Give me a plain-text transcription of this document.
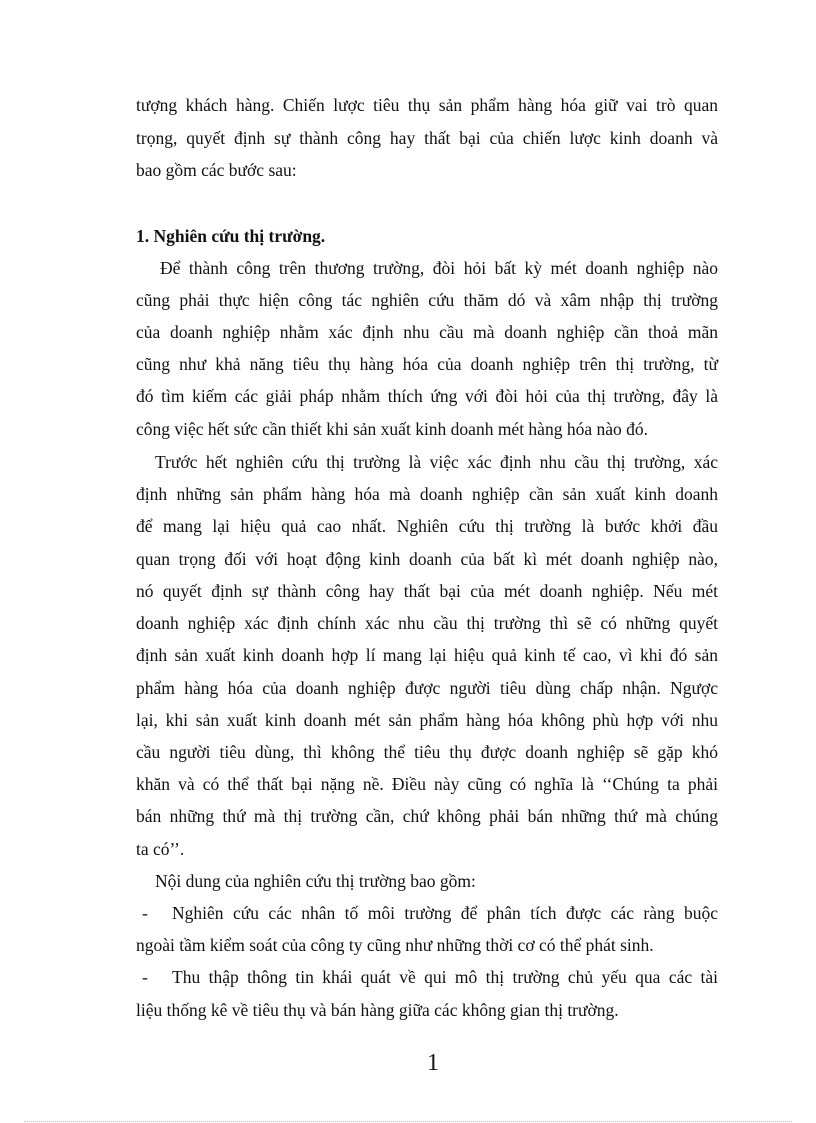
tượng khách hàng. Chiến lược tiêu thụ sản phẩm hàng hóa giữ vai trò quan
trọng, quyết định sự thành công hay thất bại của chiến lược kinh doanh và
bao gồm các bước sau:
1. Nghiên cứu thị trường.
Để thành công trên thương trường, đòi hỏi bất kỳ mét doanh nghiệp nào
cũng phải thực hiện công tác nghiên cứu thăm dó và xâm nhập thị trường
của doanh nghiệp nhằm xác định nhu cầu mà doanh nghiệp cần thoả mãn
cũng như khả năng tiêu thụ hàng hóa của doanh nghiệp trên thị trường, từ
đó tìm kiếm các giải pháp nhằm thích ứng với đòi hỏi của thị trường, đây là
công việc hết sức cần thiết khi sản xuất kinh doanh mét hàng hóa nào đó.
Trước hết nghiên cứu thị trường là việc xác định nhu cầu thị trường, xác
định những sản phẩm hàng hóa mà doanh nghiệp cần sản xuất kinh doanh
để mang lại hiệu quả cao nhất. Nghiên cứu thị trường là bước khởi đầu
quan trọng đối với hoạt động kinh doanh của bất kì mét doanh nghiệp nào,
nó quyết định sự thành công hay thất bại của mét doanh nghiệp. Nếu mét
doanh nghiệp xác định chính xác nhu cầu thị trường thì sẽ có những quyết
định sản xuất kinh doanh hợp lí mang lại hiệu quả kinh tế cao, vì khi đó sản
phẩm hàng hóa của doanh nghiệp được người tiêu dùng chấp nhận. Ngược
lại, khi sản xuất kinh doanh mét sản phẩm hàng hóa không phù hợp với nhu
cầu người tiêu dùng, thì không thể tiêu thụ được doanh nghiệp sẽ gặp khó
khăn và có thể thất bại nặng nề. Điều này cũng có nghĩa là ‘‘Chúng ta phải
bán những thứ mà thị trường cần, chứ không phải bán những thứ mà chúng
ta có’’.
Nội dung của nghiên cứu thị trường bao gồm:
- Nghiên cứu các nhân tố môi trường để phân tích được các ràng buộc
ngoài tầm kiểm soát của công ty cũng như những thời cơ có thể phát sinh.
- Thu thập thông tin khái quát về qui mô thị trường chủ yếu qua các tài
liệu thống kê về tiêu thụ và bán hàng giữa các không gian thị trường.
1
